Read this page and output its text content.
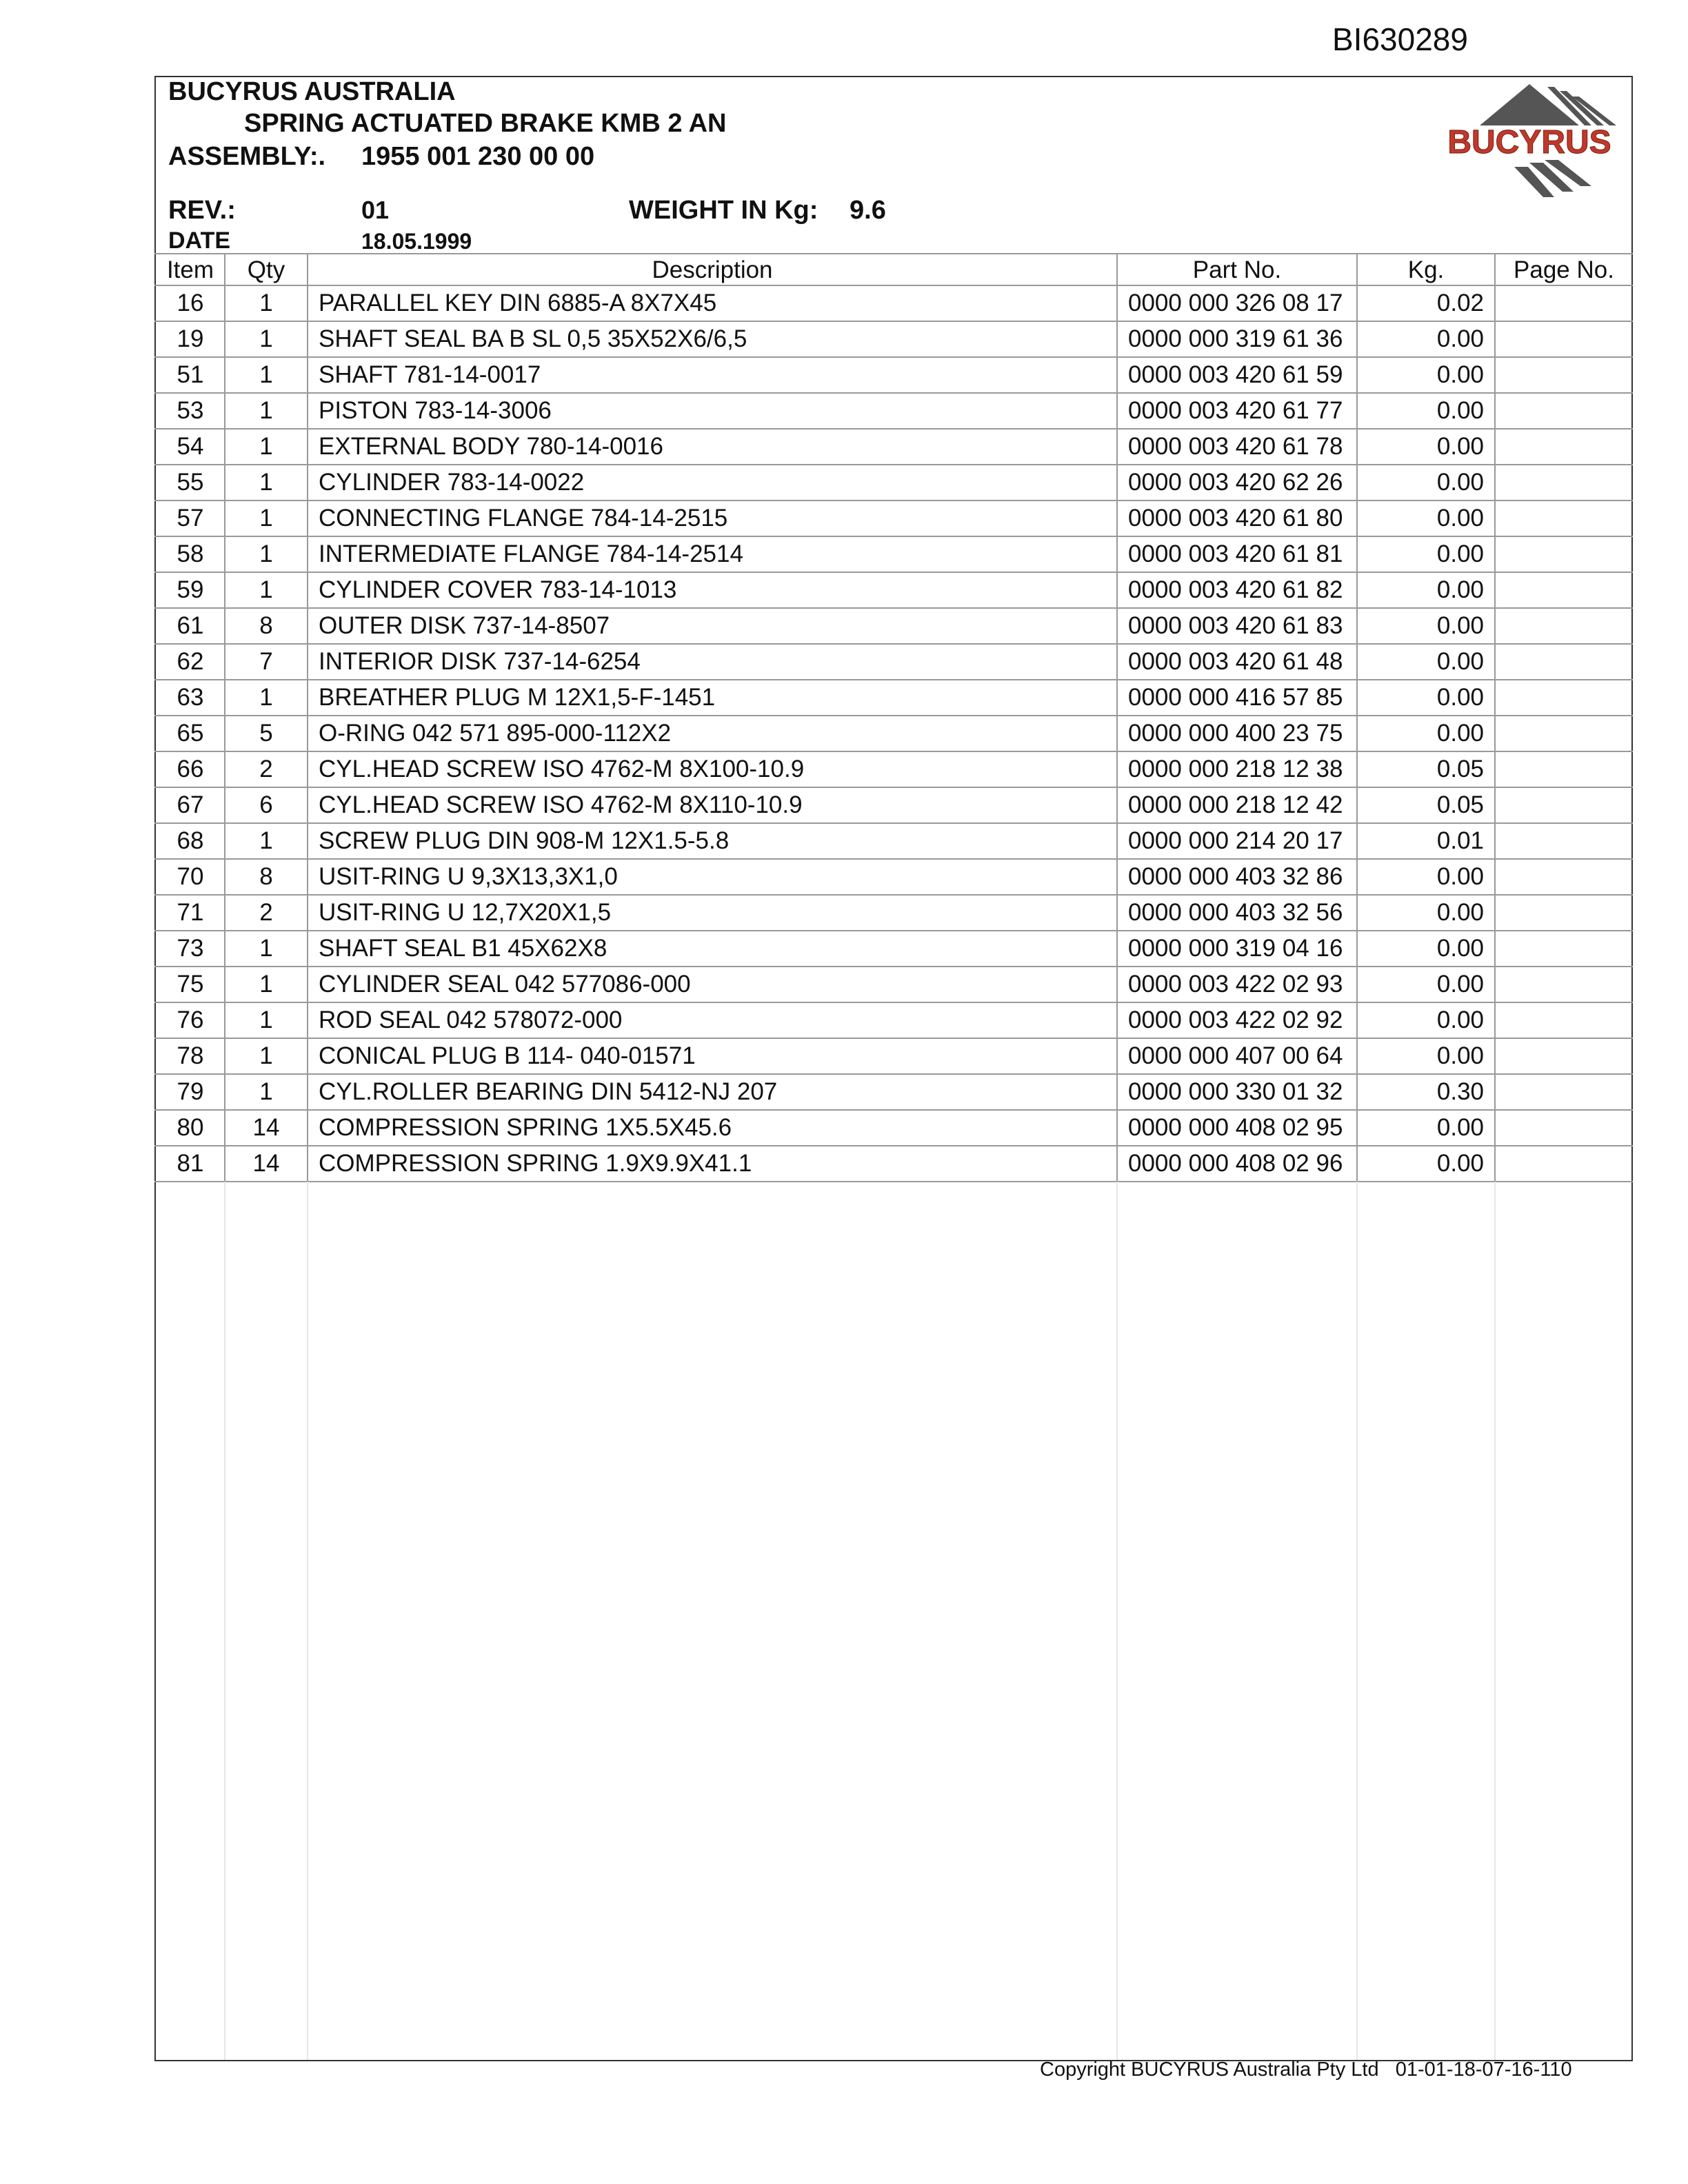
BI630289
BUCYRUS AUSTRALIA
SPRING ACTUATED BRAKE KMB 2 AN
ASSEMBLY:. 1955 001 230 00 00
REV.:	01	WEIGHT IN Kg: 9.6
DATE	18.05.1999
BUCYRUS
Item	Qty	Description	Part No.	Kg.	Page No.
16	1	PARALLEL KEY DIN 6885-A 8X7X45	0000 000 326 08 17	0.02
19	1	SHAFT SEAL BA B SL 0,5 35X52X6/6,5	0000 000 319 61 36	0.00
51	1	SHAFT 781-14-0017	0000 003 420 61 59	0.00
53	1	PISTON 783-14-3006	0000 003 420 61 77	0.00
54	1	EXTERNAL BODY 780-14-0016	0000 003 420 61 78	0.00
55	1	CYLINDER 783-14-0022	0000 003 420 62 26	0.00
57	1	CONNECTING FLANGE 784-14-2515	0000 003 420 61 80	0.00
58	1	INTERMEDIATE FLANGE 784-14-2514	0000 003 420 61 81	0.00
59	1	CYLINDER COVER 783-14-1013	0000 003 420 61 82	0.00
61	8	OUTER DISK 737-14-8507	0000 003 420 61 83	0.00
62	7	INTERIOR DISK 737-14-6254	0000 003 420 61 48	0.00
63	1	BREATHER PLUG M 12X1,5-F-1451	0000 000 416 57 85	0.00
65	5	O-RING 042 571 895-000-112X2	0000 000 400 23 75	0.00
66	2	CYL.HEAD SCREW ISO 4762-M 8X100-10.9	0000 000 218 12 38	0.05
67	6	CYL.HEAD SCREW ISO 4762-M 8X110-10.9	0000 000 218 12 42	0.05
68	1	SCREW PLUG DIN 908-M 12X1.5-5.8	0000 000 214 20 17	0.01
70	8	USIT-RING U 9,3X13,3X1,0	0000 000 403 32 86	0.00
71	2	USIT-RING U 12,7X20X1,5	0000 000 403 32 56	0.00
73	1	SHAFT SEAL B1 45X62X8	0000 000 319 04 16	0.00
75	1	CYLINDER SEAL 042 577086-000	0000 003 422 02 93	0.00
76	1	ROD SEAL 042 578072-000	0000 003 422 02 92	0.00
78	1	CONICAL PLUG B 114- 040-01571	0000 000 407 00 64	0.00
79	1	CYL.ROLLER BEARING DIN 5412-NJ 207	0000 000 330 01 32	0.30
80	14	COMPRESSION SPRING 1X5.5X45.6	0000 000 408 02 95	0.00
81	14	COMPRESSION SPRING 1.9X9.9X41.1	0000 000 408 02 96	0.00
Copyright BUCYRUS Australia Pty Ltd 01-01-18-07-16-110
